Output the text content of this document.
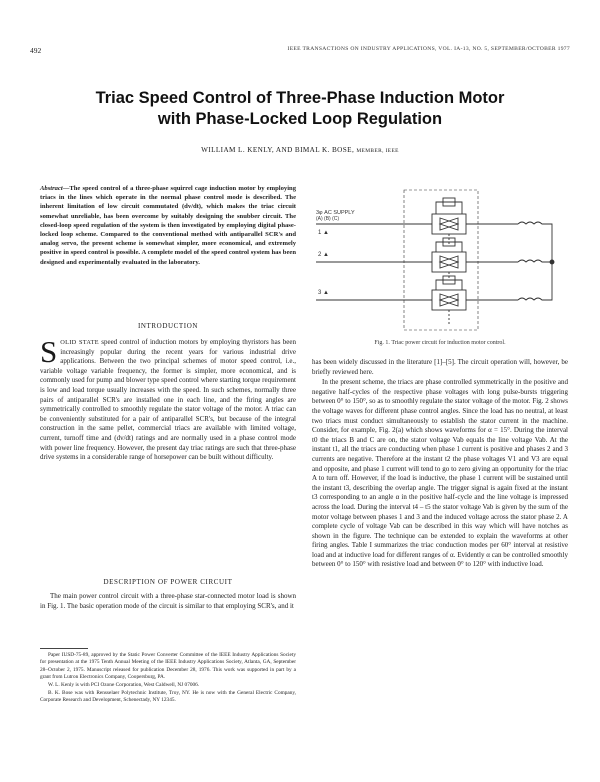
492	IEEE TRANSACTIONS ON INDUSTRY APPLICATIONS, VOL. IA-13, NO. 5, SEPTEMBER/OCTOBER 1977
Triac Speed Control of Three-Phase Induction Motor
with Phase-Locked Loop Regulation
WILLIAM L. KENLY, AND BIMAL K. BOSE, MEMBER, IEEE
Abstract—The speed control of a three-phase squirrel cage induction motor by employing triacs in the lines which operate in the normal phase control mode is described. The inherent limitation of low circuit commutated (dv/dt), which makes the triac circuit somewhat unreliable, has been overcome by suitably designing the snubber circuit. The closed-loop speed regulation of the system is then investigated by employing digital phase-locked loop scheme. Compared to the conventional method with antiparallel SCR's and analog servo, the present scheme is somewhat simpler, more economical, and extremely positive in speed control is possible. A complete model of the speed control system has been designed and experimentally evaluated in the laboratory.
INTRODUCTION

SOLID STATE speed control of induction motors by employing thyristors has been increasingly popular during the recent years for various industrial drive applications. Between the two principal schemes of motor speed control, i.e., variable voltage variable frequency, the former is simpler, more economical, and is commonly used for pump and blower type speed control where starting torque requirement is low and load torque usually increases with the speed. In such schemes, normally three pairs of antiparallel SCR's are installed one in each line, and the firing angles are symmetrically controlled to smoothly regulate the stator voltage of the motor. A triac can be conveniently substituted for a pair of antiparallel SCR's, but because of the integral construction in the same pellet, commercial triacs are available with limited voltage, current, turnoff time and (dv/dt) ratings and are normally used in a phase control mode with power line frequency. However, the present day triac ratings are such that three-phase drive systems in a considerable range of horsepower can be built without difficulty.

DESCRIPTION OF POWER CIRCUIT

The main power control circuit with a three-phase star-connected motor load is shown in Fig. 1. The basic operation mode of the circuit is similar to that employing SCR's, and it

Paper IUSD-75-89, approved by the Static Power Converter Committee of the IEEE Industry Applications Society for presentation at the 1975 Tenth Annual Meeting of the IEEE Industry Applications Society, Atlanta, GA, September 28–October 2, 1975. Manuscript released for publication December 28, 1976. This work was supported in part by a grant from Lutron Electronics Company, Coopersburg, PA.

W. L. Kenly is with PCI Ozone Corporation, West Caldwell, NJ 07006.

B. K. Bose was with Rensselaer Polytechnic Institute, Troy, NY. He is now with the General Electric Company, Corporate Research and Development, Schenectady, NY 12345.

3φ AC SUPPLY
(A) (B) (C)
2 ▲
3 ▲
1 ▲
Fig. 1. Triac power circuit for induction motor control.

has been widely discussed in the literature [1]–[5]. The circuit operation will, however, be briefly reviewed here.

In the present scheme, the triacs are phase controlled symmetrically in the positive and negative half-cycles of the respective phase voltages with long pulse-bursts triggering between 0° to 150°, so as to smoothly regulate the stator voltage of the motor. Fig. 2 shows the voltage waves for different phase control angles. Since the load has no neutral, at least two triacs must conduct simultaneously to establish the stator current in the machine. Consider, for example, Fig. 2(a) which shows waveforms for α = 15°. During the interval t0 the triacs B and C are on, the stator voltage Vab equals the line voltage Vab. At the instant t1, all the triacs are conducting when phase 1 current is positive and phases 2 and 3 currents are negative. Therefore at the instant t2 the phase voltages V1 and V3 are equal and opposite, and phase 1 current will tend to go to zero giving an opportunity for the triac A to turn off. However, if the load is inductive, the phase 1 current will be sustained until the instant t3, describing the overlap angle. The trigger signal is again fixed at the instant t3 corresponding to an angle α in the positive half-cycle and the line voltage is impressed across the load. During the interval t4 – t5 the stator voltage Vab is given by the sum of the motor voltage between phases 1 and 3 and the induced voltage across the stator phase 2. A complete cycle of voltage Vab can be described in this way which will have notches as shown in the figure. The technique can be extended to explain the waveforms at other firing angles. Table I summarizes the triac conduction modes per 60° interval at resistive load and at inductive load for different ranges of α. Evidently α can be controlled smoothly between 0° to 150° with resistive load and between 0° to 120° with inductive load.
